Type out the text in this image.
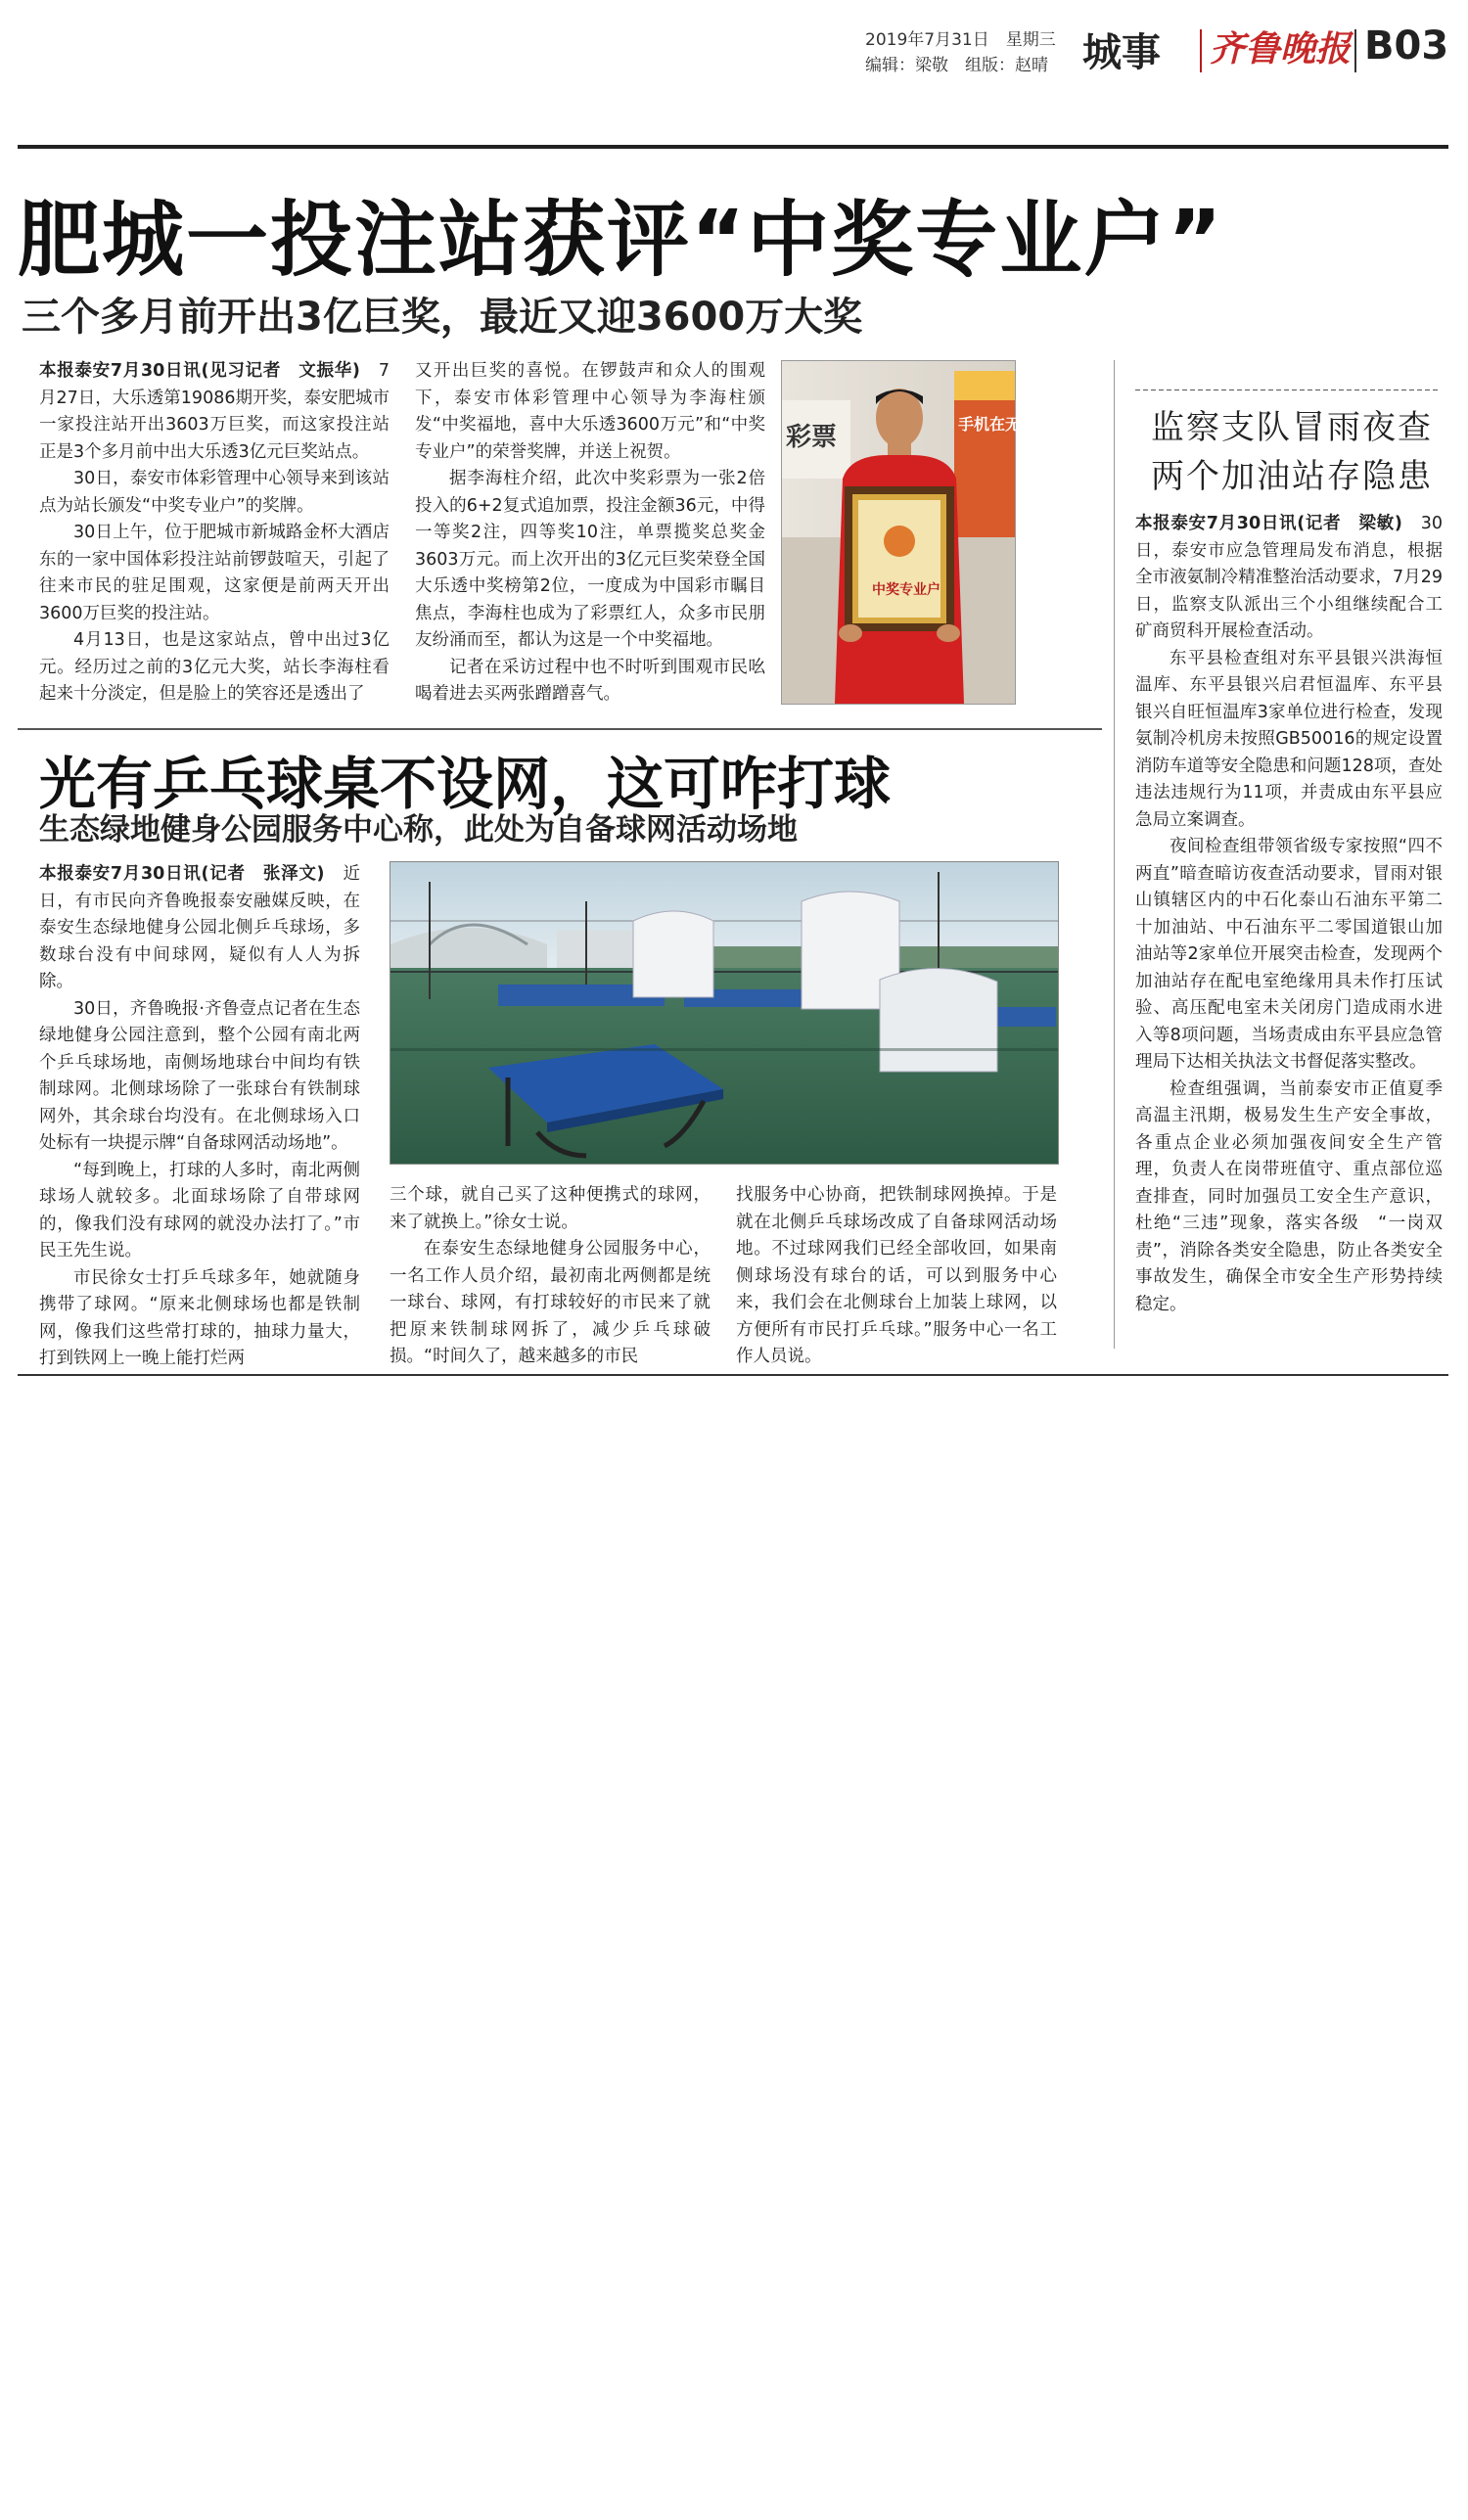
2019年7月31日　星期三
编辑：梁敬　组版：赵晴 城事 齐鲁晚报 B03
肥城一投注站获评“中奖专业户”
三个多月前开出3亿巨奖，最近又迎3600万大奖

本报泰安7月30日讯(见习记者　文振华)　 7月27日，大乐透第19086期开奖，泰安肥城市一家投注站开出3603万巨奖，而这家投注站正是3个多月前中出大乐透3亿元巨奖站点。

30日，泰安市体彩管理中心领导来到该站点为站长颁发“中奖专业户”的奖牌。

30日上午，位于肥城市新城路金杯大酒店东的一家中国体彩投注站前锣鼓喧天，引起了往来市民的驻足围观，这家便是前两天开出3600万巨奖的投注站。

4月13日，也是这家站点，曾中出过3亿元。经历过之前的3亿元大奖，站长李海柱看起来十分淡定，但是脸上的笑容还是透出了

又开出巨奖的喜悦。在锣鼓声和众人的围观下，泰安市体彩管理中心领导为李海柱颁发“中奖福地，喜中大乐透3600万元”和“中奖专业户”的荣誉奖牌，并送上祝贺。

据李海柱介绍，此次中奖彩票为一张2倍投入的6+2复式追加票，投注金额36元，中得一等奖2注，四等奖10注，单票揽奖总奖金3603万元。而上次开出的3亿元巨奖荣登全国大乐透中奖榜第2位，一度成为中国彩市瞩目焦点，李海柱也成为了彩票红人，众多市民朋友纷涌而至，都认为这是一个中奖福地。

记者在采访过程中也不时听到围观市民吆喝着进去买两张蹭蹭喜气。

彩票	手机在无秋购
中奖专业户
光有乒乓球桌不设网，这可咋打球
生态绿地健身公园服务中心称，此处为自备球网活动场地

本报泰安7月30日讯(记者　张泽文)　 近日，有市民向齐鲁晚报泰安融媒反映，在泰安生态绿地健身公园北侧乒乓球场，多数球台没有中间球网，疑似有人人为拆除。

30日，齐鲁晚报·齐鲁壹点记者在生态绿地健身公园注意到，整个公园有南北两个乒乓球场地，南侧场地球台中间均有铁制球网。北侧球场除了一张球台有铁制球网外，其余球台均没有。在北侧球场入口处标有一块提示牌“自备球网活动场地”。

“每到晚上，打球的人多时，南北两侧球场人就较多。北面球场除了自带球网的，像我们没有球网的就没办法打了。”市民王先生说。

市民徐女士打乒乓球多年，她就随身携带了球网。“原来北侧球场也都是铁制网，像我们这些常打球的，抽球力量大，打到铁网上一晚上能打烂两

三个球，就自己买了这种便携式的球网，来了就换上。”徐女士说。

在泰安生态绿地健身公园服务中心，一名工作人员介绍，最初南北两侧都是统一球台、球网，有打球较好的市民来了就把原来铁制球网拆了，减少乒乓球破损。“时间久了，越来越多的市民

找服务中心协商，把铁制球网换掉。于是就在北侧乒乓球场改成了自备球网活动场地。不过球网我们已经全部收回，如果南侧球场没有球台的话，可以到服务中心来，我们会在北侧球台上加装上球网，以方便所有市民打乒乓球。”服务中心一名工作人员说。

监察支队冒雨夜查两个加油站存隐患

本报泰安7月30日讯(记者　梁敏)　 30日，泰安市应急管理局发布消息，根据全市液氨制冷精准整治活动要求，7月29日，监察支队派出三个小组继续配合工矿商贸科开展检查活动。

东平县检查组对东平县银兴洪海恒温库、东平县银兴启君恒温库、东平县银兴自旺恒温库3家单位进行检查，发现氨制冷机房未按照GB50016的规定设置消防车道等安全隐患和问题128项，查处违法违规行为11项，并责成由东平县应急局立案调查。

夜间检查组带领省级专家按照“四不两直”暗查暗访夜查活动要求，冒雨对银山镇辖区内的中石化泰山石油东平第二十加油站、中石油东平二零国道银山加油站等2家单位开展突击检查，发现两个加油站存在配电室绝缘用具未作打压试验、高压配电室未关闭房门造成雨水进入等8项问题，当场责成由东平县应急管理局下达相关执法文书督促落实整改。

检查组强调，当前泰安市正值夏季高温主汛期，极易发生生产安全事故，各重点企业必须加强夜间安全生产管理，负责人在岗带班值守、重点部位巡查排查，同时加强员工安全生产意识，杜绝“三违”现象，落实各级　“一岗双责”，消除各类安全隐患，防止各类安全事故发生，确保全市安全生产形势持续稳定。
